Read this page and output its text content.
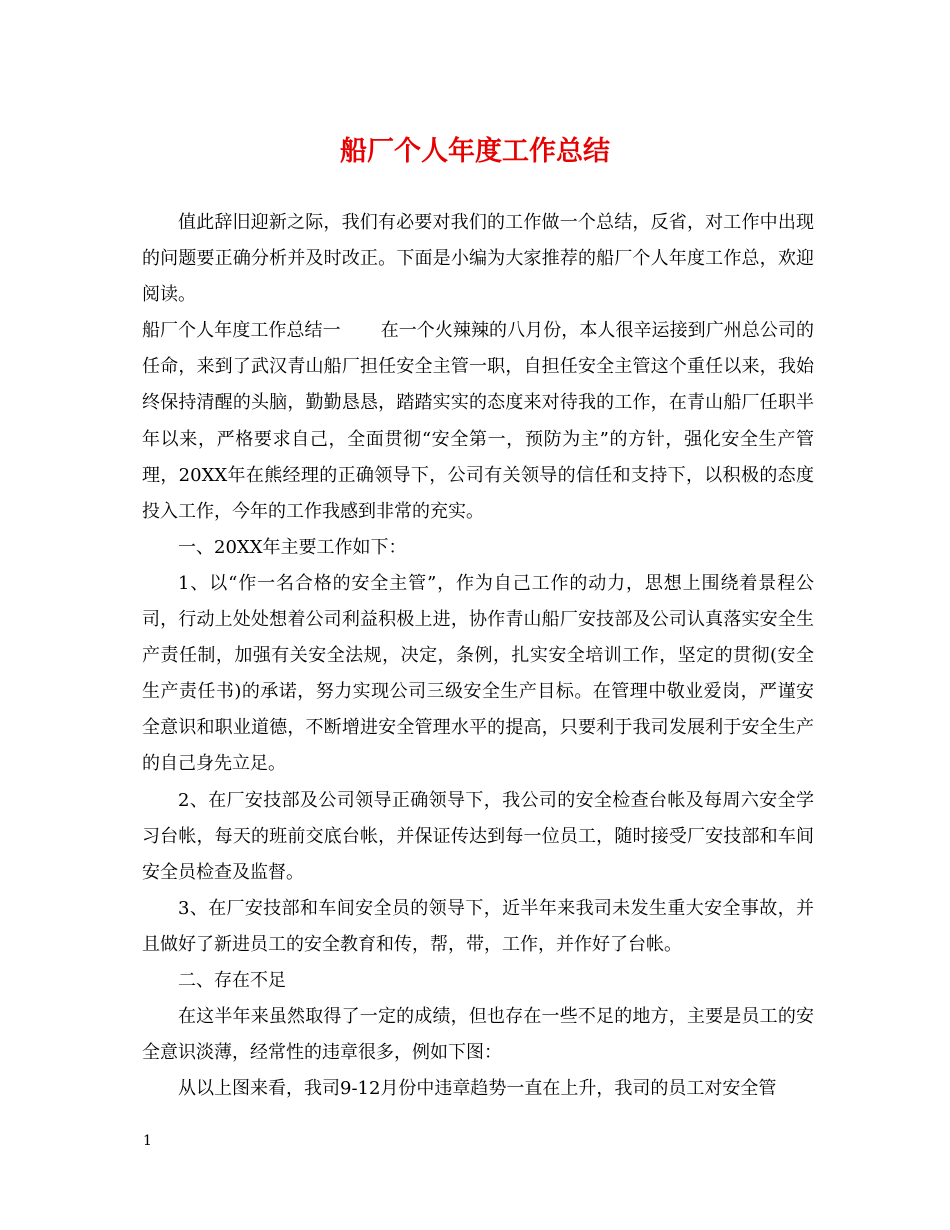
船厂个人年度工作总结

值此辞旧迎新之际，我们有必要对我们的工作做一个总结，反省，对工作中出现的问题要正确分析并及时改正。下面是小编为大家推荐的船厂个人年度工作总，欢迎阅读。

船厂个人年度工作总结一 在一个火辣辣的八月份，本人很辛运接到广州总公司的任命，来到了武汉青山船厂担任安全主管一职，自担任安全主管这个重任以来，我始终保持清醒的头脑，勤勤恳恳，踏踏实实的态度来对待我的工作，在青山船厂任职半年以来，严格要求自己，全面贯彻“安全第一，预防为主”的方针，强化安全生产管理，20XX年在熊经理的正确领导下，公司有关领导的信任和支持下，以积极的态度投入工作，今年的工作我感到非常的充实。

一、20XX年主要工作如下：

1、以“作一名合格的安全主管”，作为自己工作的动力，思想上围绕着景程公司，行动上处处想着公司利益积极上进，协作青山船厂安技部及公司认真落实安全生产责任制，加强有关安全法规，决定，条例，扎实安全培训工作，坚定的贯彻(安全生产责任书)的承诺，努力实现公司三级安全生产目标。在管理中敬业爱岗，严谨安全意识和职业道德，不断增进安全管理水平的提高，只要利于我司发展利于安全生产的自己身先立足。

2、在厂安技部及公司领导正确领导下，我公司的安全检查台帐及每周六安全学习台帐，每天的班前交底台帐，并保证传达到每一位员工，随时接受厂安技部和车间安全员检查及监督。

3、在厂安技部和车间安全员的领导下，近半年来我司未发生重大安全事故，并且做好了新进员工的安全教育和传，帮，带，工作，并作好了台帐。

二、存在不足

在这半年来虽然取得了一定的成绩，但也存在一些不足的地方，主要是员工的安全意识淡薄，经常性的违章很多，例如下图：

从以上图来看，我司9-12月份中违章趋势一直在上升，我司的员工对安全管

1
